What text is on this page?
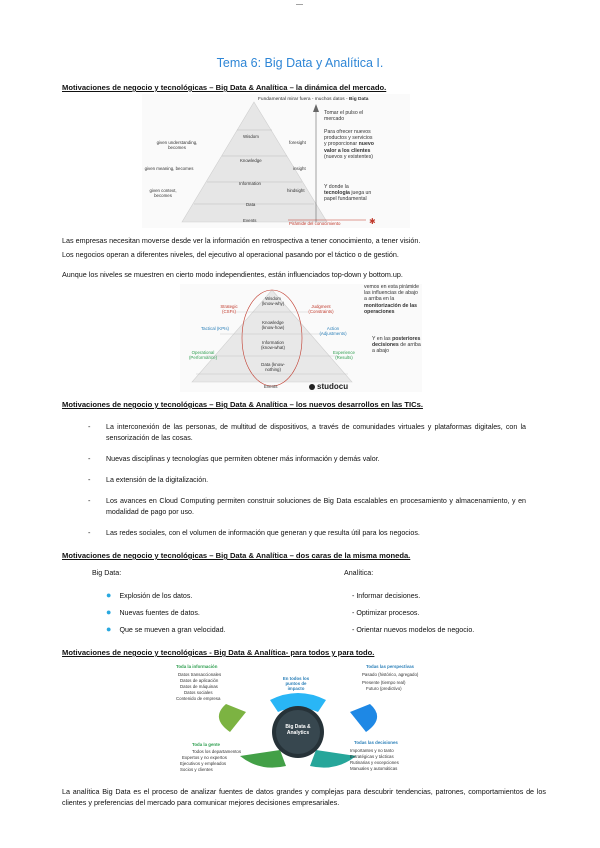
—
Tema 6: Big Data y Analítica I.
Motivaciones de negocio y tecnológicas – Big Data & Analítica – la dinámica del mercado.
✱
Wisdom
Knowledge
Information
Data
Events
given understanding, becomes
given meaning, becomes
given context, becomes
foresight
insight
hindsight
Fundamental mirar fuera - muchos datos - Big Data
Tomar el pulso el mercado
Para ofrecer nuevos productos y servicios y proporcionar nuevo valor a los clientes (nuevos y existentes)
Y donde la tecnología juega un papel fundamental
Pirámide del conocimiento
Las empresas necesitan moverse desde ver la información en retrospectiva a tener conocimiento, a tener visión.
Los negocios operan a diferentes niveles, del ejecutivo al operacional pasando por el táctico o de gestión.
Aunque los niveles se muestren en cierto modo independientes, están influenciados top-down y bottom.up.
Wisdom (know-why)
Knowledge (know-how)
Information (know-what)
Data (know-nothing)
Events
Strategic (CSFs)
Tactical (KPIs)
Operational (Performance)
Judgment (Constraints)
Action (Adjustments)
Experience (Results)
vemos en esta pirámide las influencias de abajo a arriba en la monitorización de las operaciones
Y en las posteriores decisiones de arriba a abajo
studocu
Motivaciones de negocio y tecnológicas – Big Data & Analítica – los nuevos desarrollos en las TICs.
- La interconexión de las personas, de multitud de dispositivos, a través de comunidades virtuales y plataformas digitales, con la sensorización de las cosas.
- Nuevas disciplinas y tecnologías que permiten obtener más información y demás valor.
- La extensión de la digitalización.
- Los avances en Cloud Computing permiten construir soluciones de Big Data escalables en procesamiento y almacenamiento, y en modalidad de pago por uso.
- Las redes sociales, con el volumen de información que generan y que resulta útil para los negocios.
Motivaciones de negocio y tecnológicas – Big Data & Analítica – dos caras de la misma moneda.
Big Data:	Analítica:
● Explosión de los datos.
● Nuevas fuentes de datos.
● Que se mueven a gran velocidad.
- Informar decisiones.
- Optimizar procesos.
- Orientar nuevos modelos de negocio.
Motivaciones de negocio y tecnológicas - Big Data & Analítica- para todos y para todo.
Big Data & Analytics
Toda la información
Datos transaccionales
Datos de aplicación
Datos de máquinas
Datos sociales
Contenido de empresa
En todos los puntos de impacto
Todas las perspectivas
Pasado (histórico, agregado)
Presente (tiempo real)
Futuro (predictivo)
Toda la gente
Todos los departamentos
Expertos y no expertos
Ejecutivos y empleados
Socios y clientes
Todas las decisiones
Importantes y no tanto
Estratégicas y tácticas
Rutinarias y excepciones
Manuales y automáticas
La analítica Big Data es el proceso de analizar fuentes de datos grandes y complejas para descubrir tendencias, patrones, comportamientos de los clientes y preferencias del mercado para comunicar mejores decisiones empresariales.
